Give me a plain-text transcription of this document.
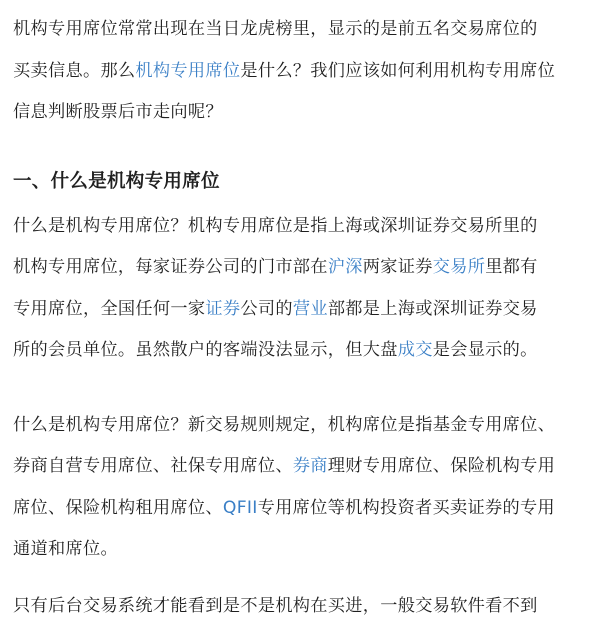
机构专用席位常常出现在当日龙虎榜里，显示的是前五名交易席位的

买卖信息。那么机构专用席位是什么？我们应该如何利用机构专用席位

信息判断股票后市走向呢？

一、什么是机构专用席位

什么是机构专用席位？机构专用席位是指上海或深圳证券交易所里的

机构专用席位，每家证券公司的门市部在沪深两家证券交易所里都有

专用席位，全国任何一家证券公司的营业部都是上海或深圳证券交易

所的会员单位。虽然散户的客端没法显示，但大盘成交是会显示的。

什么是机构专用席位？新交易规则规定，机构席位是指基金专用席位、

券商自营专用席位、社保专用席位、券商理财专用席位、保险机构专用

席位、保险机构租用席位、QFII专用席位等机构投资者买卖证券的专用

通道和席位。

只有后台交易系统才能看到是不是机构在买进，一般交易软件看不到
